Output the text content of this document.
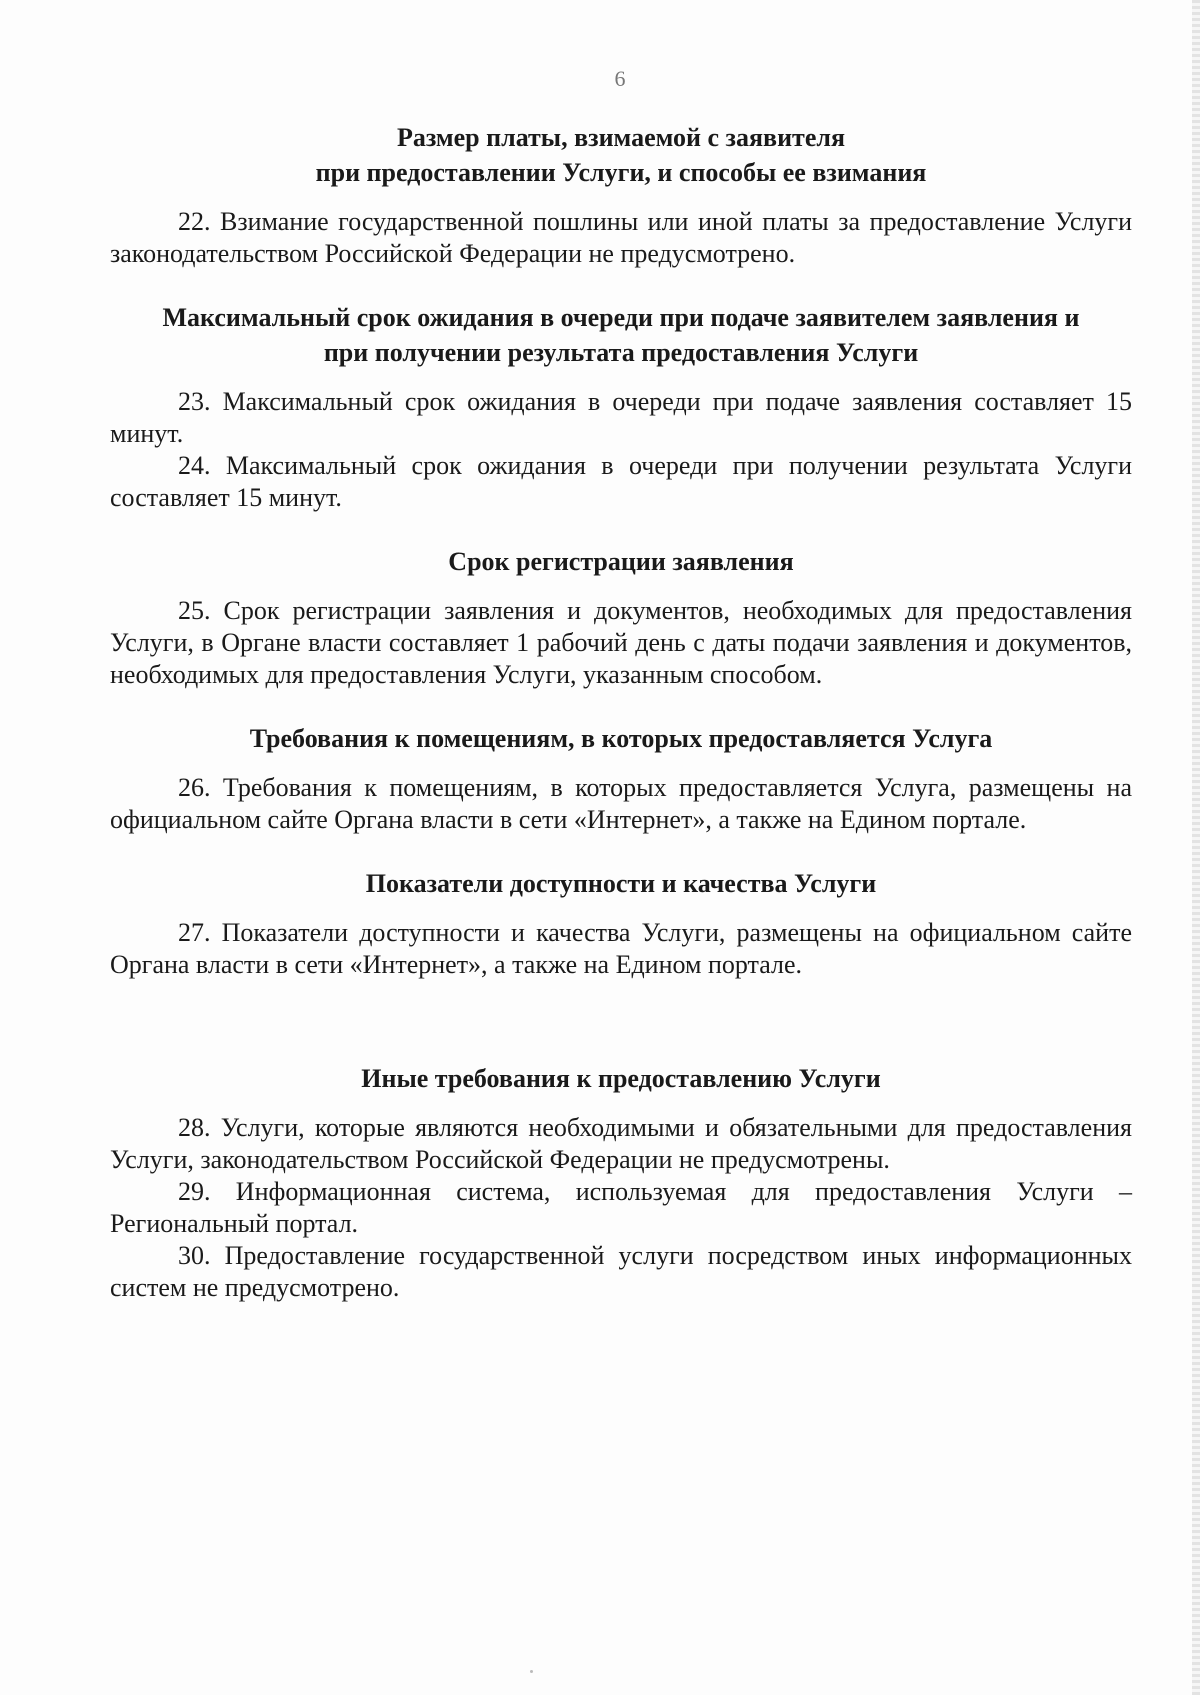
6
Размер платы, взимаемой с заявителя
при предоставлении Услуги, и способы ее взимания

22. Взимание государственной пошлины или иной платы за предоставление Услуги законодательством Российской Федерации не предусмотрено.

Максимальный срок ожидания в очереди при подаче заявителем заявления и
при получении результата предоставления Услуги

23. Максимальный срок ожидания в очереди при подаче заявления составляет 15 минут.

24. Максимальный срок ожидания в очереди при получении результата Услуги составляет 15 минут.

Срок регистрации заявления

25. Срок регистрации заявления и документов, необходимых для предоставления Услуги, в Органе власти составляет 1 рабочий день с даты подачи заявления и документов, необходимых для предоставления Услуги, указанным способом.

Требования к помещениям, в которых предоставляется Услуга

26. Требования к помещениям, в которых предоставляется Услуга, размещены на официальном сайте Органа власти в сети «Интернет», а также на Едином портале.

Показатели доступности и качества Услуги

27. Показатели доступности и качества Услуги, размещены на официальном сайте Органа власти в сети «Интернет», а также на Едином портале.

Иные требования к предоставлению Услуги

28. Услуги, которые являются необходимыми и обязательными для предоставления Услуги, законодательством Российской Федерации не предусмотрены.

29. Информационная система, используемая для предоставления Услуги – Региональный портал.

30. Предоставление государственной услуги посредством иных информационных систем не предусмотрено.
